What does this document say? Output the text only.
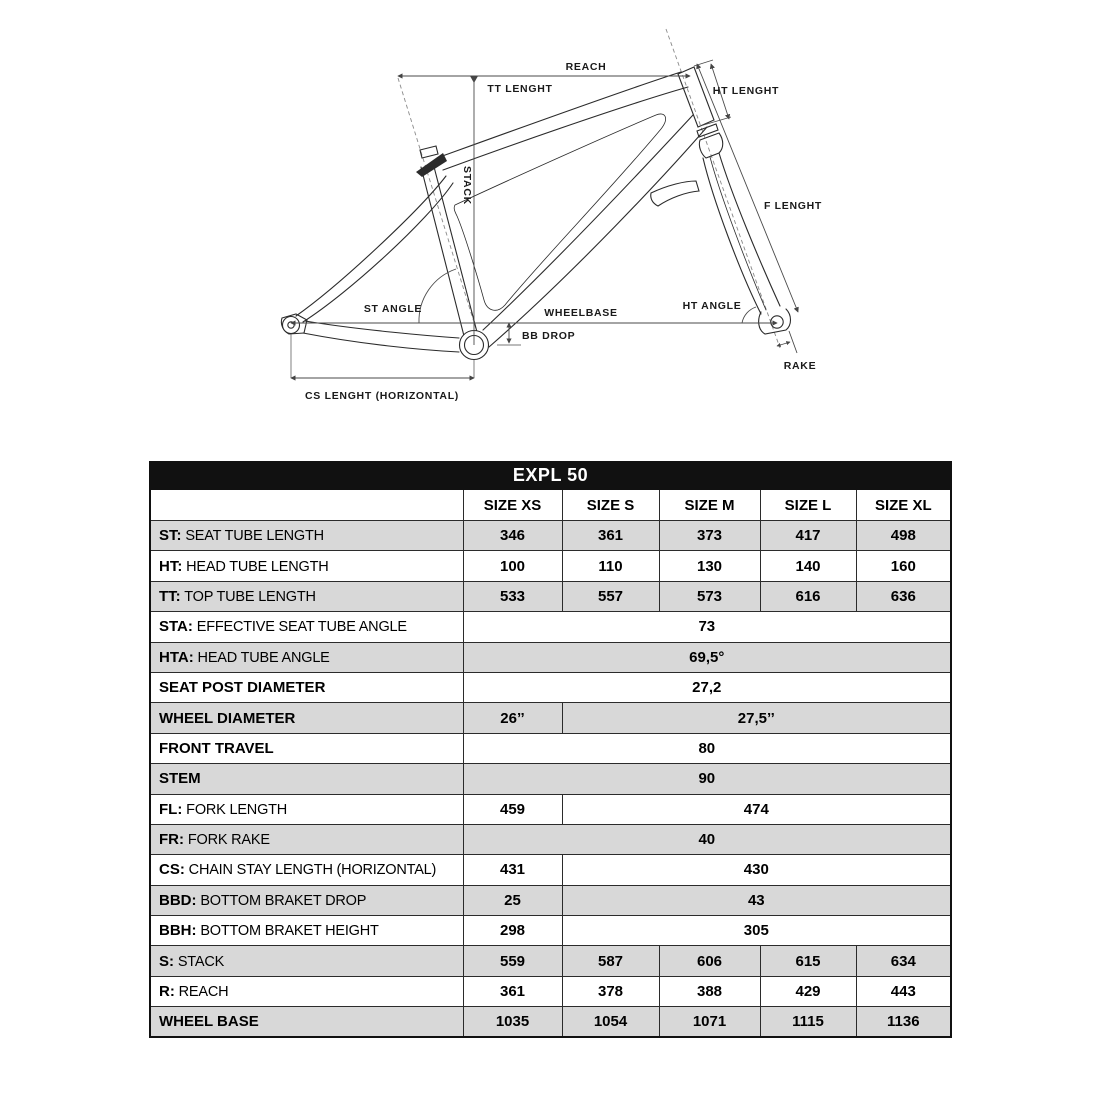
REACH
TT LENGHT	HT LENGHT
STACK
F LENGHT
ST ANGLE	WHEELBASE
BB DROP
HT ANGLE
RAKE
CS LENGHT (HORIZONTAL)
EXPL 50					
	SIZE XS	SIZE S	SIZE M	SIZE L	SIZE XL
ST: SEAT TUBE LENGTH	346	361	373	417	498
HT: HEAD TUBE LENGTH	100	110	130	140	160
TT: TOP TUBE LENGTH	533	557	573	616	636
STA: EFFECTIVE SEAT TUBE ANGLE	73				
HTA: HEAD TUBE ANGLE	69,5°				
SEAT POST DIAMETER	27,2				
WHEEL DIAMETER	26’’	27,5’’			
FRONT TRAVEL	80				
STEM	90				
FL: FORK LENGTH	459	474			
FR: FORK RAKE	40				
CS: CHAIN STAY LENGTH (HORIZONTAL)	431	430			
BBD: BOTTOM BRAKET DROP	25	43			
BBH: BOTTOM BRAKET HEIGHT	298	305			
S: STACK	559	587	606	615	634
R: REACH	361	378	388	429	443
WHEEL BASE	1035	1054	1071	1115	1136
